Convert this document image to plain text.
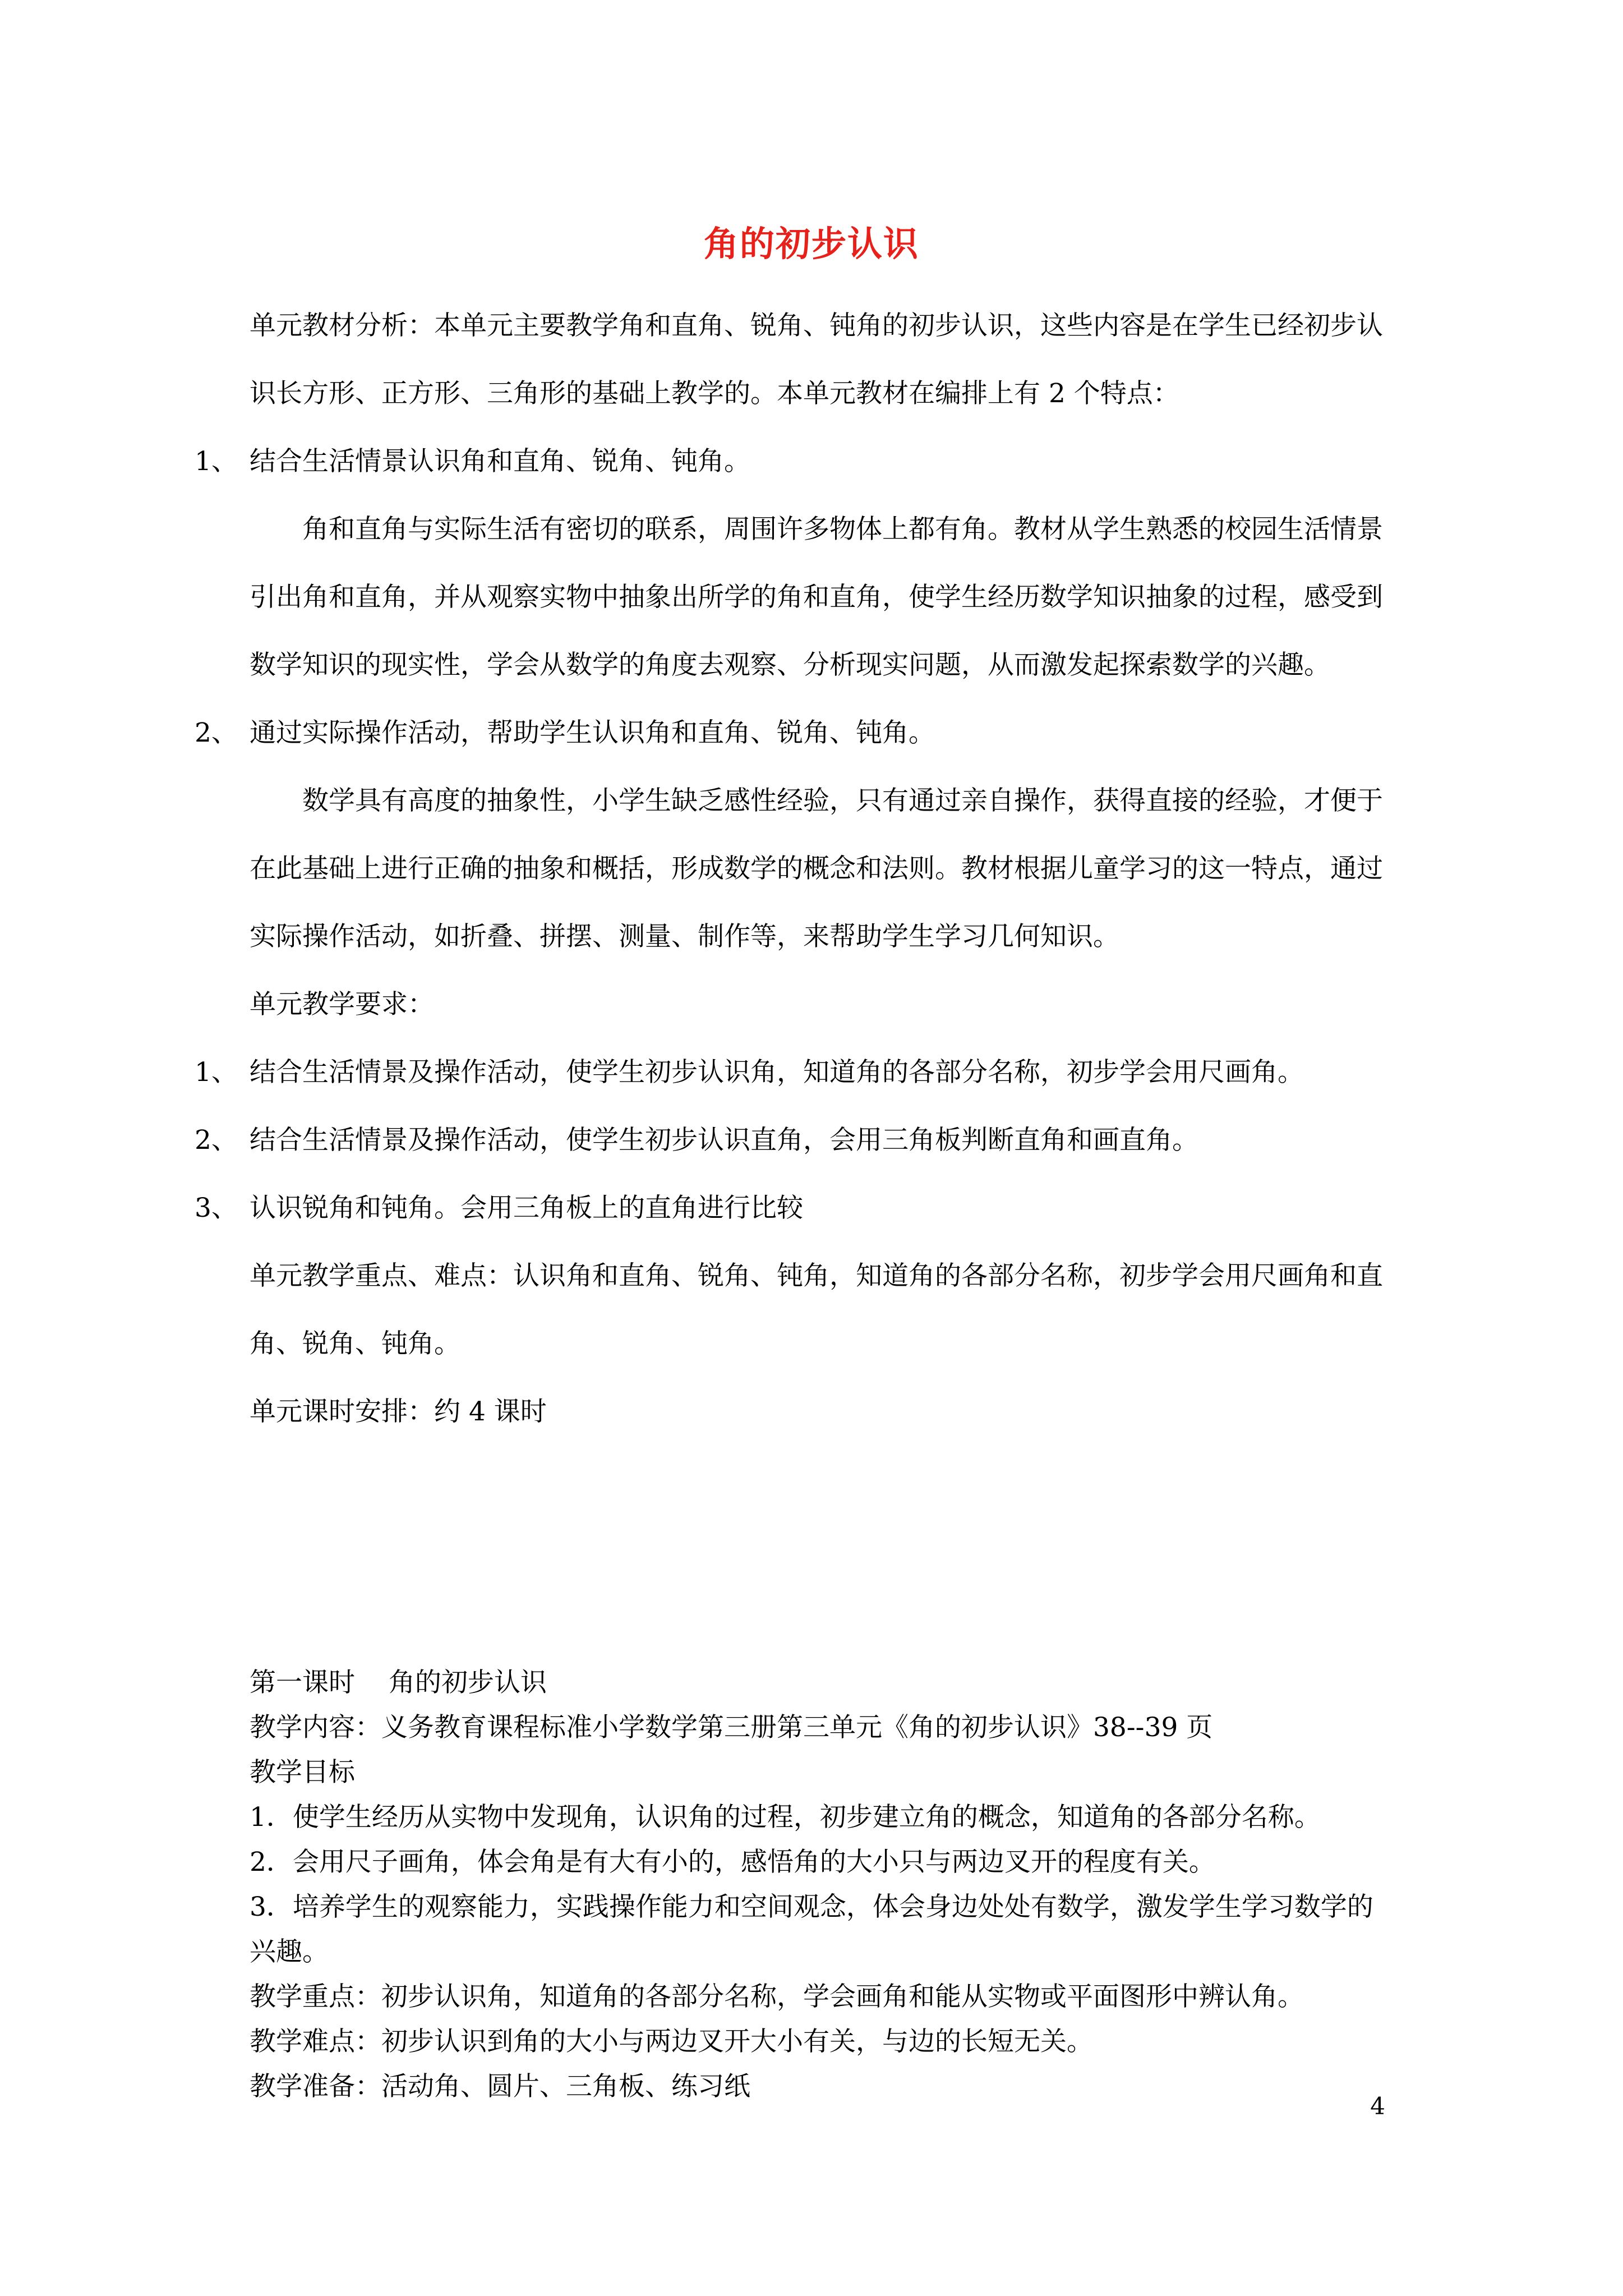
角的初步认识

单元教材分析：本单元主要教学角和直角、锐角、钝角的初步认识，这些内容是在学生已经初步认识长方形、正方形、三角形的基础上教学的。本单元教材在编排上有 2 个特点：

1、 结合生活情景认识角和直角、锐角、钝角。

角和直角与实际生活有密切的联系，周围许多物体上都有角。教材从学生熟悉的校园生活情景引出角和直角，并从观察实物中抽象出所学的角和直角，使学生经历数学知识抽象的过程，感受到数学知识的现实性，学会从数学的角度去观察、分析现实问题，从而激发起探索数学的兴趣。

2、 通过实际操作活动，帮助学生认识角和直角、锐角、钝角。

数学具有高度的抽象性，小学生缺乏感性经验，只有通过亲自操作，获得直接的经验，才便于在此基础上进行正确的抽象和概括，形成数学的概念和法则。教材根据儿童学习的这一特点，通过实际操作活动，如折叠、拼摆、测量、制作等，来帮助学生学习几何知识。

单元教学要求：

1、 结合生活情景及操作活动，使学生初步认识角，知道角的各部分名称，初步学会用尺画角。

2、 结合生活情景及操作活动，使学生初步认识直角，会用三角板判断直角和画直角。

3、 认识锐角和钝角。会用三角板上的直角进行比较

单元教学重点、难点：认识角和直角、锐角、钝角，知道角的各部分名称，初步学会用尺画角和直角、锐角、钝角。

单元课时安排：约 4 课时

第一课时 角的初步认识

教学内容：义务教育课程标准小学数学第三册第三单元《角的初步认识》38--39 页

教学目标

1．使学生经历从实物中发现角，认识角的过程，初步建立角的概念，知道角的各部分名称。

2．会用尺子画角，体会角是有大有小的，感悟角的大小只与两边叉开的程度有关。

3．培养学生的观察能力，实践操作能力和空间观念，体会身边处处有数学，激发学生学习数学的兴趣。

教学重点：初步认识角，知道角的各部分名称，学会画角和能从实物或平面图形中辨认角。

教学难点：初步认识到角的大小与两边叉开大小有关，与边的长短无关。

教学准备：活动角、圆片、三角板、练习纸

4
